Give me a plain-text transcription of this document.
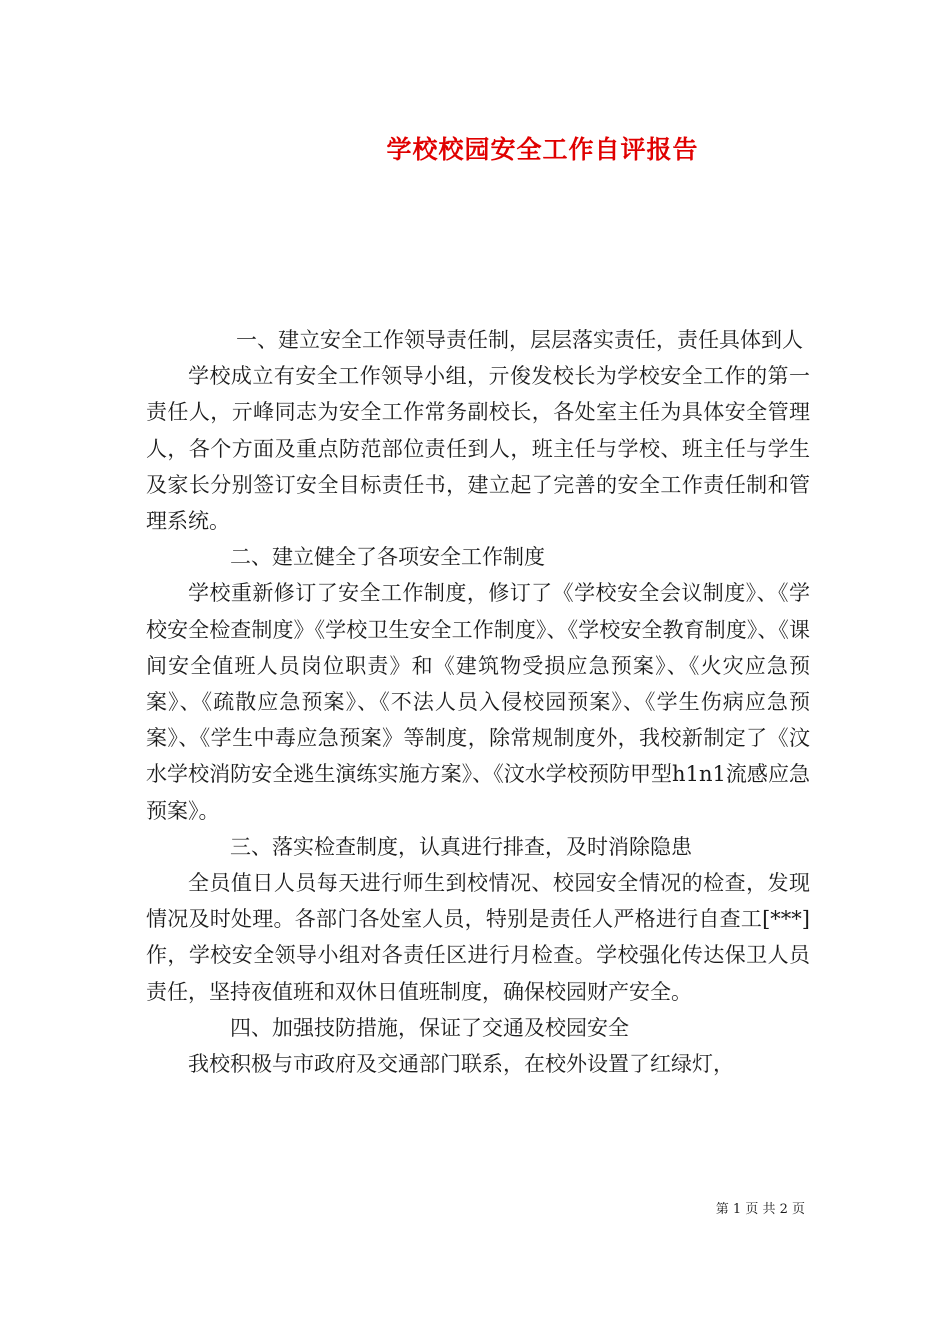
学校校园安全工作自评报告

一、建立安全工作领导责任制，层层落实责任，责任具体到人

学校成立有安全工作领导小组，亓俊发校长为学校安全工作的第一责任人，亓峰同志为安全工作常务副校长，各处室主任为具体安全管理人，各个方面及重点防范部位责任到人，班主任与学校、班主任与学生及家长分别签订安全目标责任书，建立起了完善的安全工作责任制和管理系统。

二、建立健全了各项安全工作制度

学校重新修订了安全工作制度，修订了《学校安全会议制度》、《学校安全检查制度》《学校卫生安全工作制度》、《学校安全教育制度》、《课间安全值班人员岗位职责》和《建筑物受损应急预案》、《火灾应急预案》、《疏散应急预案》、《不法人员入侵校园预案》、《学生伤病应急预案》、《学生中毒应急预案》等制度，除常规制度外，我校新制定了《汶水学校消防安全逃生演练实施方案》、《汶水学校预防甲型h1n1流感应急预案》。

三、落实检查制度，认真进行排查，及时消除隐患

全员值日人员每天进行师生到校情况、校园安全情况的检查，发现情况及时处理。各部门各处室人员，特别是责任人严格进行自查工[***]作，学校安全领导小组对各责任区进行月检查。学校强化传达保卫人员责任，坚持夜值班和双休日值班制度，确保校园财产安全。

四、加强技防措施，保证了交通及校园安全

我校积极与市政府及交通部门联系，在校外设置了红绿灯，

第 1 页 共 2 页
